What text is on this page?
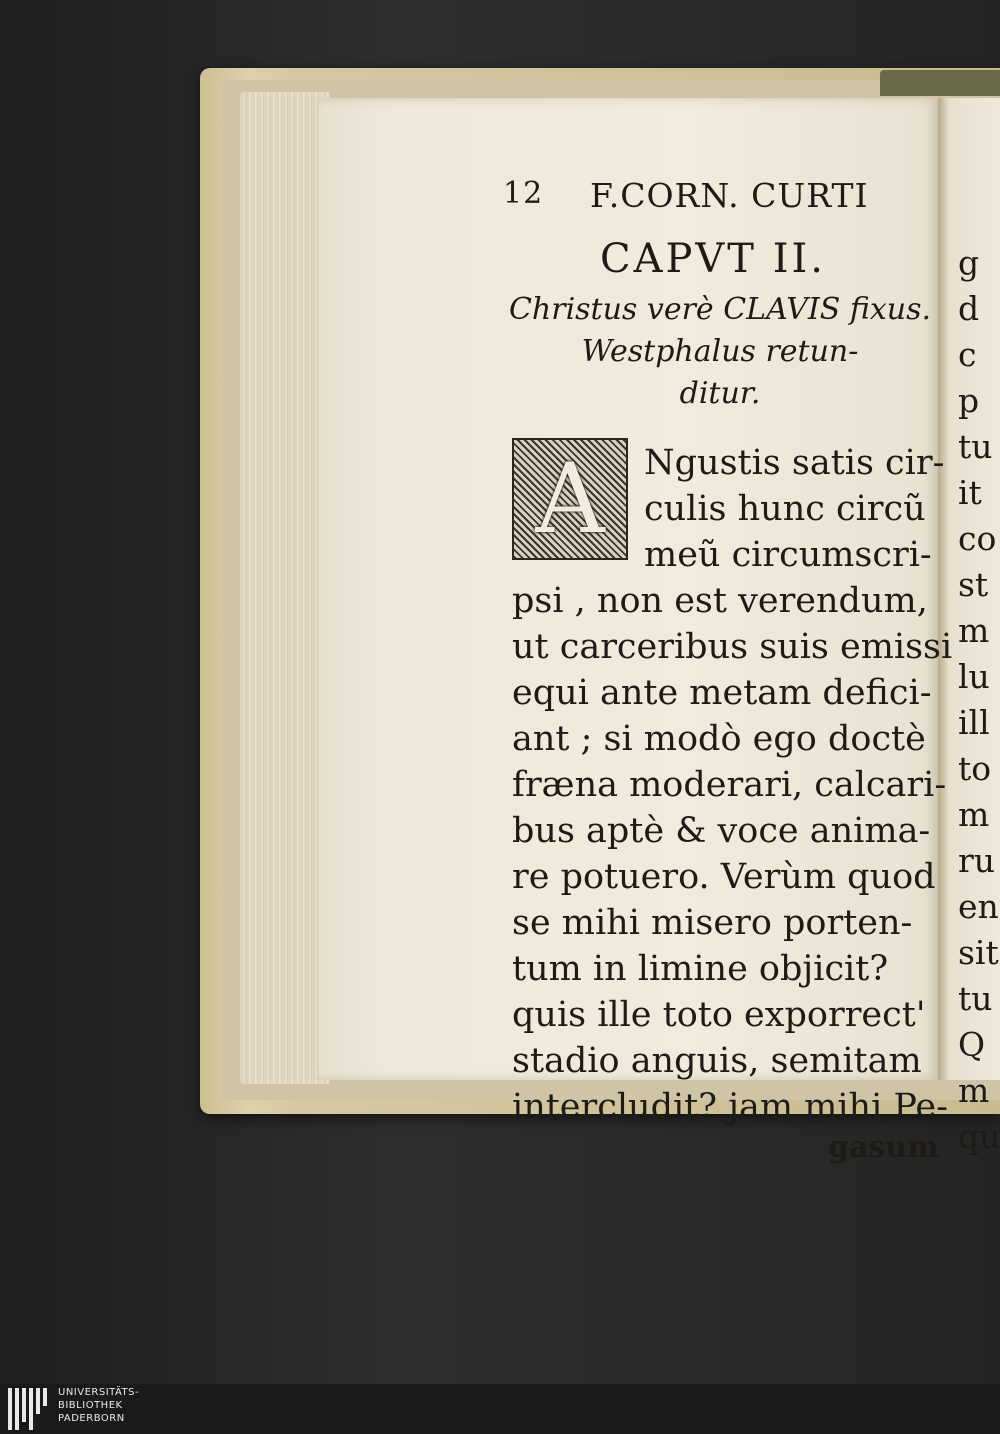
12 F.CORN. CURTI
CAPVT II.
Christus verè CLAVIS fixus.
Westphalus retun-
ditur.
A Ngustis satis cir-
culis hunc circũ
meũ circumscri-
psi , non est verendum,
ut carceribus suis emissi
equi ante metam defici-
ant ; si modò ego doctè
fræna moderari, calcari-
bus aptè & voce anima-
re potuero. Verùm quod
se mihi misero porten-
tum in limine objicit?
quis ille toto exporrect'
stadio anguis, semitam
intercludit? jam mihi Pe-
gasum
g
d
c
p
tu
it
co
st
m
lu
ill
to
m
ru
en
sit
tu
Q
m
qu
UNIVERSITÄTS-
BIBLIOTHEK
PADERBORN
